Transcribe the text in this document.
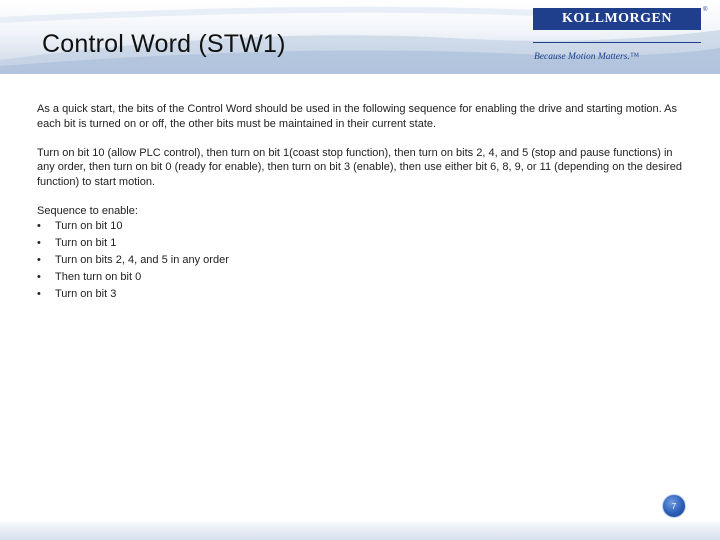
Control Word (STW1)
KOLLMORGEN
®
Because Motion Matters.™

As a quick start, the bits of the Control Word should be used in the following sequence for enabling the drive and starting motion. As each bit is turned on or off, the other bits must be maintained in their current state.

Turn on bit 10 (allow PLC control), then turn on bit 1(coast stop function), then turn on bits 2, 4, and 5 (stop and pause functions) in any order, then turn on bit 0 (ready for enable), then turn on bit 3 (enable), then use either bit 6, 8, 9, or 11 (depending on the desired function) to start motion.

Sequence to enable:
•	Turn on bit 10
•	Turn on bit 1
•	Turn on bits 2, 4, and 5 in any order
•	Then turn on bit 0
•	Turn on bit 3
7
